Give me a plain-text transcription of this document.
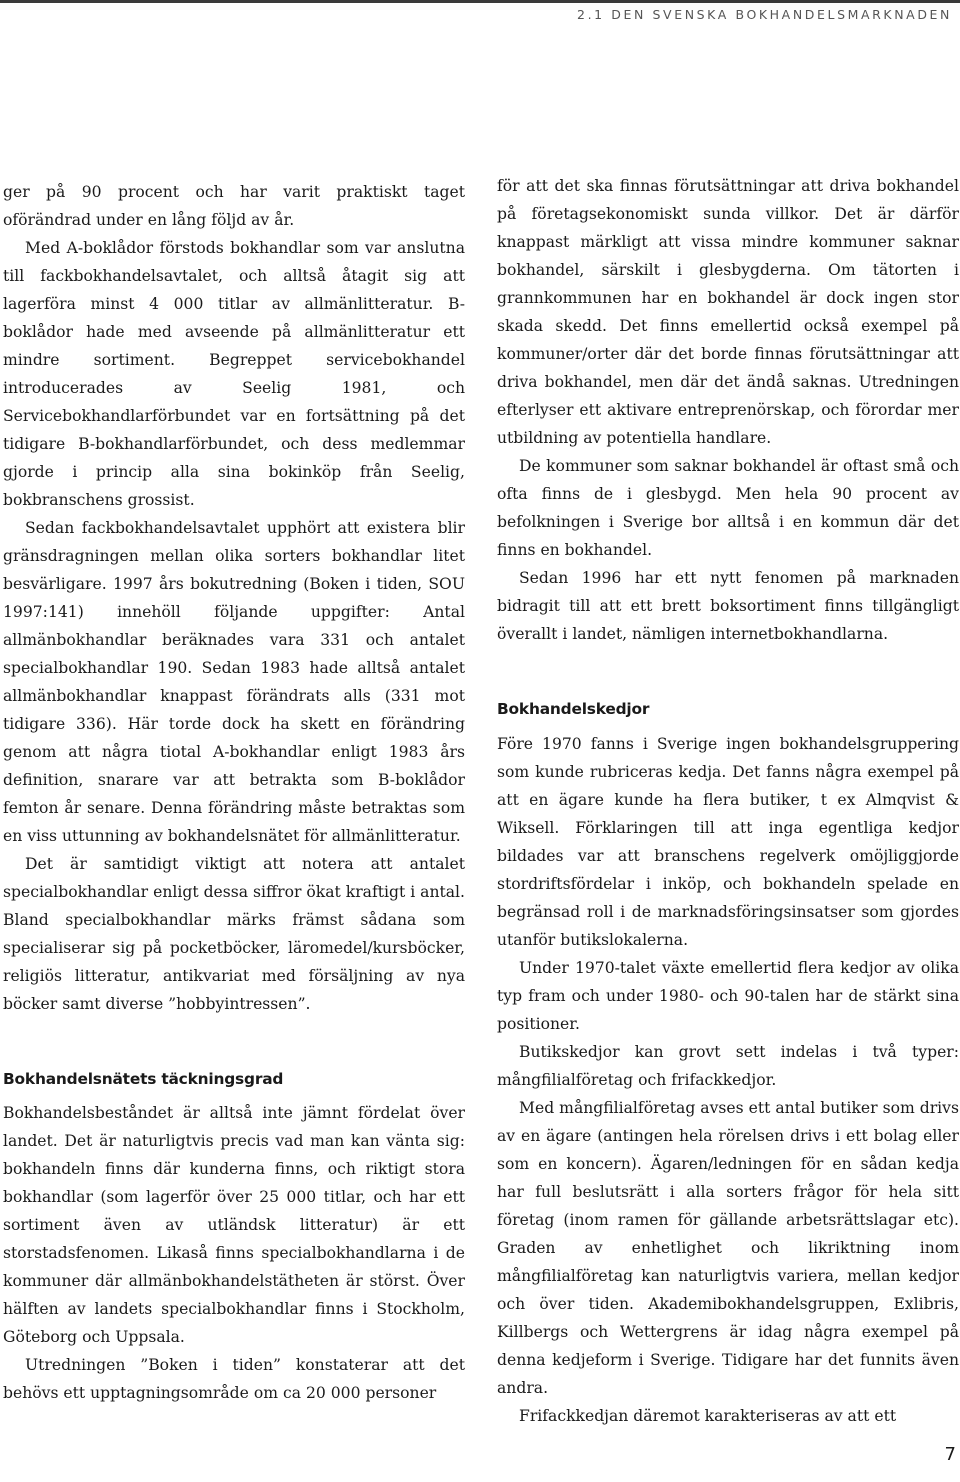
2.1 DEN SVENSKA BOKHANDELSMARKNADEN

ger på 90 procent och har varit praktiskt taget oförändrad under en lång följd av år.

Med A-boklådor förstods bokhandlar som var anslutna till fackbokhandelsavtalet, och alltså åtagit sig att lagerföra minst 4 000 titlar av allmänlitteratur. B-boklådor hade med avseende på allmänlitteratur ett mindre sortiment. Begreppet servicebokhandel introducerades av Seelig 1981, och Servicebokhandlarförbundet var en fortsättning på det tidigare B-bokhandlarförbundet, och dess medlemmar gjorde i princip alla sina bokinköp från Seelig, bokbranschens grossist.

Sedan fackbokhandelsavtalet upphört att existera blir gränsdragningen mellan olika sorters bokhandlar litet besvärligare. 1997 års bokutredning (Boken i tiden, SOU 1997:141) innehöll följande uppgifter: Antal allmänbokhandlar beräknades vara 331 och antalet specialbokhandlar 190. Sedan 1983 hade alltså antalet allmänbokhandlar knappast förändrats alls (331 mot tidigare 336). Här torde dock ha skett en förändring genom att några tiotal A-bokhandlar enligt 1983 års definition, snarare var att betrakta som B-boklådor femton år senare. Denna förändring måste betraktas som en viss uttunning av bokhandelsnätet för allmänlitteratur.

Det är samtidigt viktigt att notera att antalet specialbokhandlar enligt dessa siffror ökat kraftigt i antal. Bland specialbokhandlar märks främst sådana som specialiserar sig på pocketböcker, läromedel/kursböcker, religiös litteratur, antikvariat med försäljning av nya böcker samt diverse ”hobbyintressen”.

Bokhandelsnätets täckningsgrad

Bokhandelsbeståndet är alltså inte jämnt fördelat över landet. Det är naturligtvis precis vad man kan vänta sig: bokhandeln finns där kunderna finns, och riktigt stora bokhandlar (som lagerför över 25 000 titlar, och har ett sortiment även av utländsk litteratur) är ett storstadsfenomen. Likaså finns specialbokhandlarna i de kommuner där allmänbokhandelstätheten är störst. Över hälften av landets specialbokhandlar finns i Stockholm, Göteborg och Uppsala.

Utredningen ”Boken i tiden” konstaterar att det behövs ett upptagningsområde om ca 20 000 personer

för att det ska finnas förutsättningar att driva bokhandel på företagsekonomiskt sunda villkor. Det är därför knappast märkligt att vissa mindre kommuner saknar bokhandel, särskilt i glesbygderna. Om tätorten i grannkommunen har en bokhandel är dock ingen stor skada skedd. Det finns emellertid också exempel på kommuner/orter där det borde finnas förutsättningar att driva bokhandel, men där det ändå saknas. Utredningen efterlyser ett aktivare entreprenörskap, och förordar mer utbildning av potentiella handlare.

De kommuner som saknar bokhandel är oftast små och ofta finns de i glesbygd. Men hela 90 procent av befolkningen i Sverige bor alltså i en kommun där det finns en bokhandel.

Sedan 1996 har ett nytt fenomen på marknaden bidragit till att ett brett boksortiment finns tillgängligt överallt i landet, nämligen internetbokhandlarna.

Bokhandelskedjor

Före 1970 fanns i Sverige ingen bokhandelsgruppering som kunde rubriceras kedja. Det fanns några exempel på att en ägare kunde ha flera butiker, t ex Almqvist & Wiksell. Förklaringen till att inga egentliga kedjor bildades var att branschens regelverk omöjliggjorde stordriftsfördelar i inköp, och bokhandeln spelade en begränsad roll i de marknadsföringsinsatser som gjordes utanför butikslokalerna.

Under 1970-talet växte emellertid flera kedjor av olika typ fram och under 1980- och 90-talen har de stärkt sina positioner.

Butikskedjor kan grovt sett indelas i två typer: mångfilialföretag och frifackkedjor.

Med mångfilialföretag avses ett antal butiker som drivs av en ägare (antingen hela rörelsen drivs i ett bolag eller som en koncern). Ägaren/ledningen för en sådan kedja har full beslutsrätt i alla sorters frågor för hela sitt företag (inom ramen för gällande arbetsrättslagar etc). Graden av enhetlighet och likriktning inom mångfilialföretag kan naturligtvis variera, mellan kedjor och över tiden. Akademibokhandelsgruppen, Exlibris, Killbergs och Wettergrens är idag några exempel på denna kedjeform i Sverige. Tidigare har det funnits även andra.

Frifackkedjan däremot karakteriseras av att ett

7
